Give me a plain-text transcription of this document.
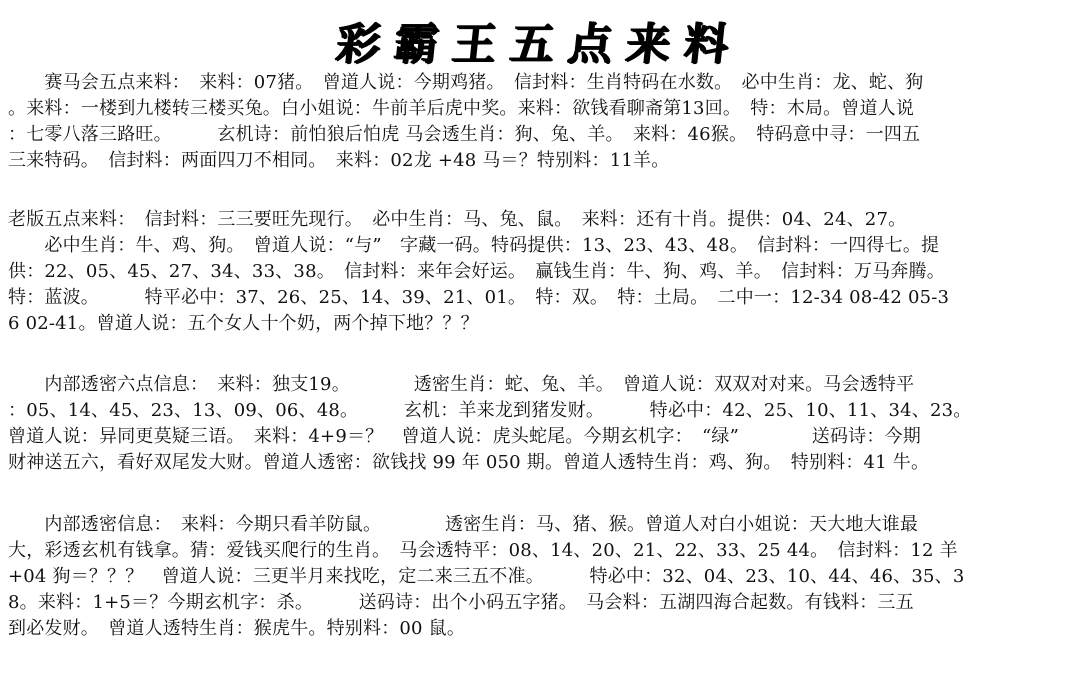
彩霸王五点来料
　　赛马会五点来料：　来料：07猪。　曾道人说：今期鸡猪。　信封料：生肖特码在水数。　必中生肖：龙、蛇、狗
。来料：一楼到九楼转三楼买兔。白小姐说：牛前羊后虎中奖。来料：欲钱看聊斋第13回。　特：木局。曾道人说
：七零八落三路旺。　　　玄机诗：前怕狼后怕虎 马会透生肖：狗、兔、羊。　来料：46猴。　特码意中寻：一四五
三来特码。　信封料：两面四刀不相同。　来料：02龙 +48 马＝？特别料：11羊。
老版五点来料：　信封料：三三要旺先现行。　必中生肖：马、兔、鼠。　来料：还有十肖。提供：04、24、27。
　　必中生肖：牛、鸡、狗。　曾道人说：“与”　字藏一码。特码提供：13、23、43、48。　信封料：一四得七。提
供：22、05、45、27、34、33、38。　信封料：来年会好运。　赢钱生肖：牛、狗、鸡、羊。　信封料：万马奔腾。
特：蓝波。　　　特平必中：37、26、25、14、39、21、01。　特：双。　特：土局。　二中一：12-34 08-42 05-3
6 02-41。曾道人说：五个女人十个奶，两个掉下地？？？
　　内部透密六点信息：　来料：独支19。　　　　透密生肖：蛇、兔、羊。　曾道人说：双双对对来。马会透特平
：05、14、45、23、13、09、06、48。　　　玄机：羊来龙到猪发财。　　　特必中：42、25、10、11、34、23。
曾道人说：异同更莫疑三语。　来料：4+9＝？　曾道人说：虎头蛇尾。今期玄机字：　“绿”　　　　送码诗：今期
财神送五六，看好双尾发大财。曾道人透密：欲钱找 99 年 050 期。曾道人透特生肖：鸡、狗。　特别料：41 牛。
　　内部透密信息：　来料：今期只看羊防鼠。　　　　透密生肖：马、猪、猴。曾道人对白小姐说：天大地大谁最
大，彩透玄机有钱拿。猜：爱钱买爬行的生肖。　马会透特平：08、14、20、21、22、33、25 44。　信封料：12 羊
+04 狗＝？？？　曾道人说：三更半月来找吃，定二来三五不准。　　　特必中：32、04、23、10、44、46、35、3
8。来料：1+5＝？今期玄机字：杀。　　　送码诗：出个小码五字猪。　马会料：五湖四海合起数。有钱料：三五
到必发财。　曾道人透特生肖：猴虎牛。特别料：00 鼠。
